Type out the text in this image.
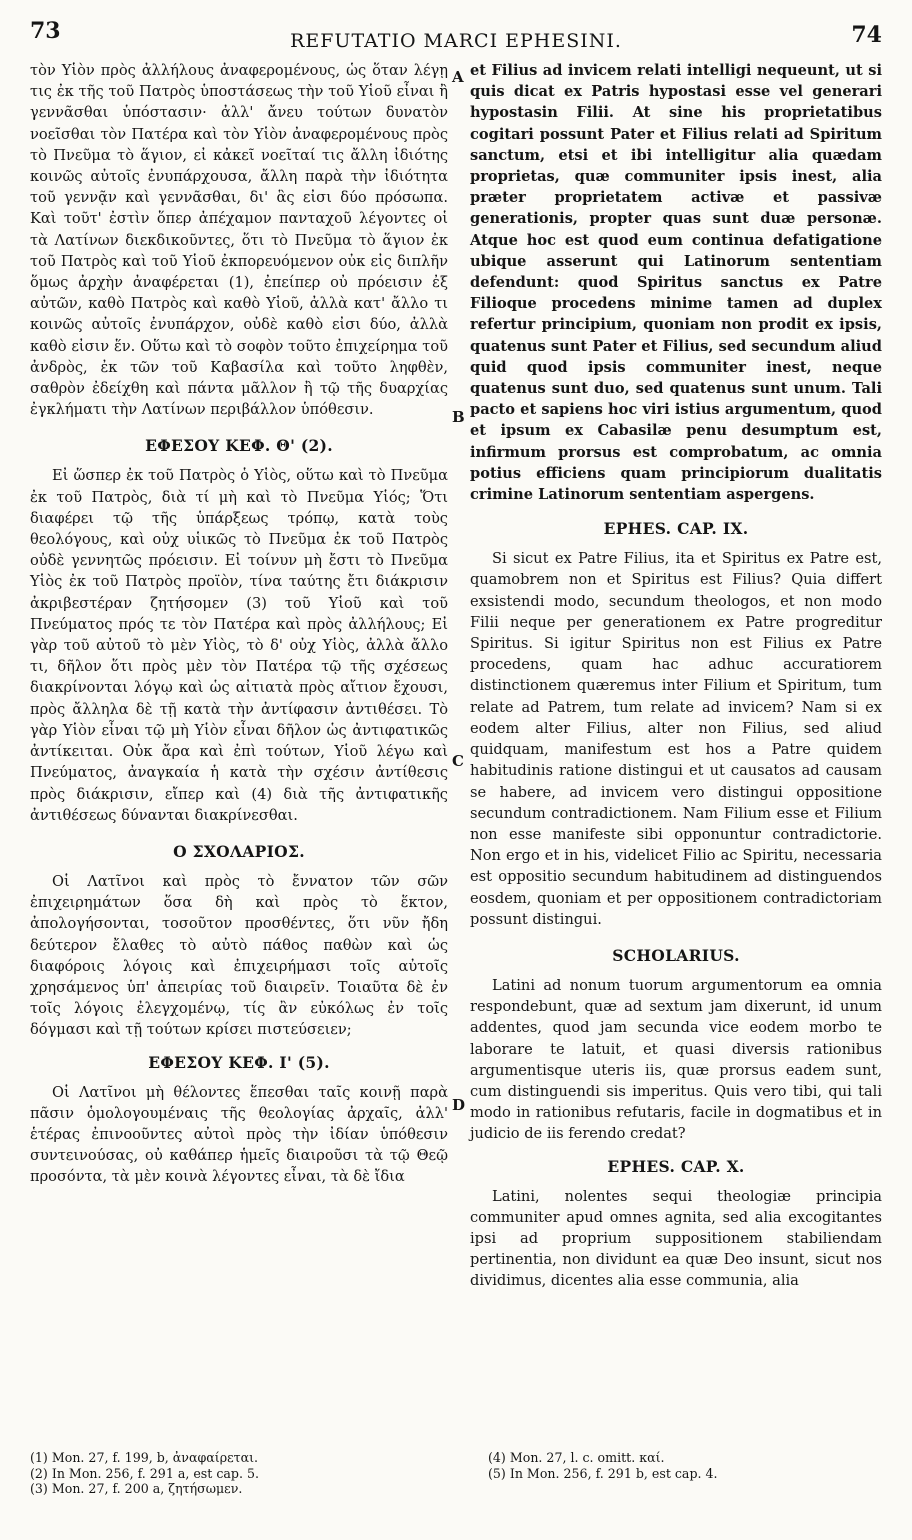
73	REFUTATIO MARCI EPHESINI.	74
A
B
C
D

τὸν Υἱὸν πρὸς ἀλλήλους ἀναφερομένους, ὡς ὅταν λέγῃ τις ἐκ τῆς τοῦ Πατρὸς ὑποστάσεως τὴν τοῦ Υἱοῦ εἶναι ἢ γεννᾶσθαι ὑπόστασιν· ἀλλ' ἄνευ τούτων δυνατὸν νοεῖσθαι τὸν Πατέρα καὶ τὸν Υἱὸν ἀναφερομένους πρὸς τὸ Πνεῦμα τὸ ἅγιον, εἰ κἀκεῖ νοεῖταί τις ἄλλη ἰδιότης κοινῶς αὐτοῖς ἐνυπάρχουσα, ἄλλη παρὰ τὴν ἰδιότητα τοῦ γεννᾷν καὶ γεννᾶσθαι, δι' ἃς εἰσι δύο πρόσωπα. Καὶ τοῦτ' ἐστὶν ὅπερ ἀπέχαμον πανταχοῦ λέγοντες οἱ τὰ Λατίνων διεκδικοῦντες, ὅτι τὸ Πνεῦμα τὸ ἅγιον ἐκ τοῦ Πατρὸς καὶ τοῦ Υἱοῦ ἐκπορευόμενον οὐκ εἰς διπλῆν ὅμως ἀρχὴν ἀναφέρεται (1), ἐπείπερ οὐ πρόεισιν ἐξ αὐτῶν, καθὸ Πατρὸς καὶ καθὸ Υἱοῦ, ἀλλὰ κατ' ἄλλο τι κοινῶς αὐτοῖς ἐνυπάρχον, οὐδὲ καθὸ εἰσι δύο, ἀλλὰ καθὸ εἰσιν ἕν. Οὕτω καὶ τὸ σοφὸν τοῦτο ἐπιχείρημα τοῦ ἀνδρὸς, ἐκ τῶν τοῦ Καβασίλα καὶ τοῦτο ληφθὲν, σαθρὸν ἐδείχθη καὶ πάντα μᾶλλον ἢ τῷ τῆς δυαρχίας ἐγκλήματι τὴν Λατίνων περιβάλλον ὑπόθεσιν.

ΕΦΕΣΟΥ ΚΕΦ. Θ' (2).

Εἰ ὥσπερ ἐκ τοῦ Πατρὸς ὁ Υἱὸς, οὕτω καὶ τὸ Πνεῦμα ἐκ τοῦ Πατρὸς, διὰ τί μὴ καὶ τὸ Πνεῦμα Υἱός; Ὅτι διαφέρει τῷ τῆς ὑπάρξεως τρόπῳ, κατὰ τοὺς θεολόγους, καὶ οὐχ υἱικῶς τὸ Πνεῦμα ἐκ τοῦ Πατρὸς οὐδὲ γεννητῶς πρόεισιν. Εἰ τοίνυν μὴ ἔστι τὸ Πνεῦμα Υἱὸς ἐκ τοῦ Πατρὸς προϊὸν, τίνα ταύτης ἔτι διάκρισιν ἀκριβεστέραν ζητήσομεν (3) τοῦ Υἱοῦ καὶ τοῦ Πνεύματος πρός τε τὸν Πατέρα καὶ πρὸς ἀλλήλους; Εἰ γὰρ τοῦ αὐτοῦ τὸ μὲν Υἱὸς, τὸ δ' οὐχ Υἱὸς, ἀλλὰ ἄλλο τι, δῆλον ὅτι πρὸς μὲν τὸν Πατέρα τῷ τῆς σχέσεως διακρίνονται λόγῳ καὶ ὡς αἰτιατὰ πρὸς αἴτιον ἔχουσι, πρὸς ἄλληλα δὲ τῇ κατὰ τὴν ἀντίφασιν ἀντιθέσει. Τὸ γὰρ Υἱὸν εἶναι τῷ μὴ Υἱὸν εἶναι δῆλον ὡς ἀντιφατικῶς ἀντίκειται. Οὐκ ἄρα καὶ ἐπὶ τούτων, Υἱοῦ λέγω καὶ Πνεύματος, ἀναγκαία ἡ κατὰ τὴν σχέσιν ἀντίθεσις πρὸς διάκρισιν, εἴπερ καὶ (4) διὰ τῆς ἀντιφατικῆς ἀντιθέσεως δύνανται διακρίνεσθαι.

Ο ΣΧΟΛΑΡΙΟΣ.

Οἱ Λατῖνοι καὶ πρὸς τὸ ἔννατον τῶν σῶν ἐπιχειρημάτων ὅσα δὴ καὶ πρὸς τὸ ἕκτον, ἀπολογήσονται, τοσοῦτον προσθέντες, ὅτι νῦν ἤδη δεύτερον ἔλαθες τὸ αὐτὸ πάθος παθὼν καὶ ὡς διαφόροις λόγοις καὶ ἐπιχειρήμασι τοῖς αὐτοῖς χρησάμενος ὑπ' ἀπειρίας τοῦ διαιρεῖν. Τοιαῦτα δὲ ἐν τοῖς λόγοις ἐλεγχομένῳ, τίς ἂν εὐκόλως ἐν τοῖς δόγμασι καὶ τῇ τούτων κρίσει πιστεύσειεν;

ΕΦΕΣΟΥ ΚΕΦ. Ι' (5).

Οἱ Λατῖνοι μὴ θέλοντες ἕπεσθαι ταῖς κοινῇ παρὰ πᾶσιν ὁμολογουμέναις τῆς θεολογίας ἀρχαῖς, ἀλλ' ἑτέρας ἐπινοοῦντες αὐτοὶ πρὸς τὴν ἰδίαν ὑπόθεσιν συντεινούσας, οὐ καθάπερ ἡμεῖς διαιροῦσι τὰ τῷ Θεῷ προσόντα, τὰ μὲν κοινὰ λέγοντες εἶναι, τὰ δὲ ἴδια

et Filius ad invicem relati intelligi nequeunt, ut si quis dicat ex Patris hypostasi esse vel generari hypostasin Filii. At sine his proprietatibus cogitari possunt Pater et Filius relati ad Spiritum sanctum, etsi et ibi intelligitur alia quædam proprietas, quæ communiter ipsis inest, alia præter proprietatem activæ et passivæ generationis, propter quas sunt duæ personæ. Atque hoc est quod eum continua defatigatione ubique asserunt qui Latinorum sententiam defendunt: quod Spiritus sanctus ex Patre Filioque procedens minime tamen ad duplex refertur principium, quoniam non prodit ex ipsis, quatenus sunt Pater et Filius, sed secundum aliud quid quod ipsis communiter inest, neque quatenus sunt duo, sed quatenus sunt unum. Tali pacto et sapiens hoc viri istius argumentum, quod et ipsum ex Cabasilæ penu desumptum est, infirmum prorsus est comprobatum, ac omnia potius efficiens quam principiorum dualitatis crimine Latinorum sententiam aspergens.

EPHES. CAP. IX.

Si sicut ex Patre Filius, ita et Spiritus ex Patre est, quamobrem non et Spiritus est Filius? Quia differt exsistendi modo, secundum theologos, et non modo Filii neque per generationem ex Patre progreditur Spiritus. Si igitur Spiritus non est Filius ex Patre procedens, quam hac adhuc accuratiorem distinctionem quæremus inter Filium et Spiritum, tum relate ad Patrem, tum relate ad invicem? Nam si ex eodem alter Filius, alter non Filius, sed aliud quidquam, manifestum est hos a Patre quidem habitudinis ratione distingui et ut causatos ad causam se habere, ad invicem vero distingui oppositione secundum contradictionem. Nam Filium esse et Filium non esse manifeste sibi opponuntur contradictorie. Non ergo et in his, videlicet Filio ac Spiritu, necessaria est oppositio secundum habitudinem ad distinguendos eosdem, quoniam et per oppositionem contradictoriam possunt distingui.

SCHOLARIUS.

Latini ad nonum tuorum argumentorum ea omnia respondebunt, quæ ad sextum jam dixerunt, id unum addentes, quod jam secunda vice eodem morbo te laborare te latuit, et quasi diversis rationibus argumentisque uteris iis, quæ prorsus eadem sunt, cum distinguendi sis imperitus. Quis vero tibi, qui tali modo in rationibus refutaris, facile in dogmatibus et in judicio de iis ferendo credat?

EPHES. CAP. X.

Latini, nolentes sequi theologiæ principia communiter apud omnes agnita, sed alia excogitantes ipsi ad proprium suppositionem stabiliendam pertinentia, non dividunt ea quæ Deo insunt, sicut nos dividimus, dicentes alia esse communia, alia

(1) Mon. 27, f. 199, b, ἀναφαίρεται.
(2) In Mon. 256, f. 291 a, est cap. 5.
(3) Mon. 27, f. 200 a, ζητήσωμεν.
(4) Mon. 27, l. c. omitt. καί.
(5) In Mon. 256, f. 291 b, est cap. 4.
